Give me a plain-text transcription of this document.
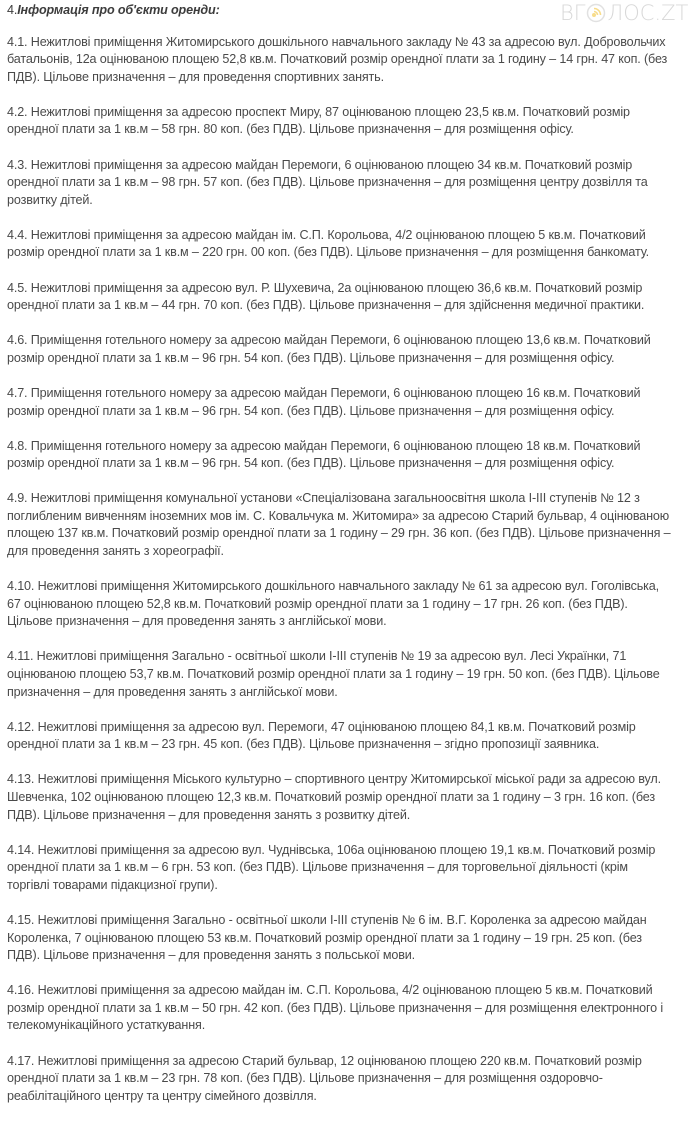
4.Інформація про об'єкти оренди:

4.1. Нежитлові приміщення Житомирського дошкільного навчального закладу № 43 за адресою вул. Добровольчих батальонів, 12а оцінюваною площею 52,8 кв.м. Початковий розмір орендної плати за 1 годину – 14 грн. 47 коп. (без ПДВ). Цільове призначення – для проведення спортивних занять.

4.2. Нежитлові приміщення за адресою проспект Миру, 87 оцінюваною площею 23,5 кв.м. Початковий розмір орендної плати за 1 кв.м – 58 грн. 80 коп. (без ПДВ). Цільове призначення – для розміщення офісу.

4.3. Нежитлові приміщення за адресою майдан Перемоги, 6 оцінюваною площею 34 кв.м. Початковий розмір орендної плати за 1 кв.м – 98 грн. 57 коп. (без ПДВ). Цільове призначення – для розміщення центру дозвілля та розвитку дітей.

4.4. Нежитлові приміщення за адресою майдан ім. С.П. Корольова, 4/2 оцінюваною площею 5 кв.м. Початковий розмір орендної плати за 1 кв.м – 220 грн. 00 коп. (без ПДВ). Цільове призначення – для розміщення банкомату.

4.5. Нежитлові приміщення за адресою вул. Р. Шухевича, 2а оцінюваною площею 36,6 кв.м. Початковий розмір орендної плати за 1 кв.м – 44 грн. 70 коп. (без ПДВ). Цільове призначення – для здійснення медичної практики.

4.6. Приміщення готельного номеру за адресою майдан Перемоги, 6 оцінюваною площею 13,6 кв.м. Початковий розмір орендної плати за 1 кв.м – 96 грн. 54 коп. (без ПДВ). Цільове призначення – для розміщення офісу.

4.7. Приміщення готельного номеру за адресою майдан Перемоги, 6 оцінюваною площею 16 кв.м. Початковий розмір орендної плати за 1 кв.м – 96 грн. 54 коп. (без ПДВ). Цільове призначення – для розміщення офісу.

4.8. Приміщення готельного номеру за адресою майдан Перемоги, 6 оцінюваною площею 18 кв.м. Початковий розмір орендної плати за 1 кв.м – 96 грн. 54 коп. (без ПДВ). Цільове призначення – для розміщення офісу.

4.9. Нежитлові приміщення комунальної установи «Спеціалізована загальноосвітня школа І-ІІІ ступенів № 12 з поглибленим вивченням іноземних мов ім. С. Ковальчука м. Житомира» за адресою Старий бульвар, 4 оцінюваною площею 137 кв.м. Початковий розмір орендної плати за 1 годину – 29 грн. 36 коп. (без ПДВ). Цільове призначення – для проведення занять з хореографії.

4.10. Нежитлові приміщення Житомирського дошкільного навчального закладу № 61 за адресою вул. Гоголівська, 67 оцінюваною площею 52,8 кв.м. Початковий розмір орендної плати за 1 годину – 17 грн. 26 коп. (без ПДВ). Цільове призначення – для проведення занять з англійської мови.

4.11. Нежитлові приміщення Загально - освітньої школи І-ІІІ ступенів № 19 за адресою вул. Лесі Українки, 71 оцінюваною площею 53,7 кв.м. Початковий розмір орендної плати за 1 годину – 19 грн. 50 коп. (без ПДВ). Цільове призначення – для проведення занять з англійської мови.

4.12. Нежитлові приміщення за адресою вул. Перемоги, 47 оцінюваною площею 84,1 кв.м. Початковий розмір орендної плати за 1 кв.м – 23 грн. 45 коп. (без ПДВ). Цільове призначення – згідно пропозиції заявника.

4.13. Нежитлові приміщення Міського культурно – спортивного центру Житомирської міської ради за адресою вул. Шевченка, 102 оцінюваною площею 12,3 кв.м. Початковий розмір орендної плати за 1 годину – 3 грн. 16 коп. (без ПДВ). Цільове призначення – для проведення занять з розвитку дітей.

4.14. Нежитлові приміщення за адресою вул. Чуднівська, 106а оцінюваною площею 19,1 кв.м. Початковий розмір орендної плати за 1 кв.м – 6 грн. 53 коп. (без ПДВ). Цільове призначення – для торговельної діяльності (крім торгівлі товарами підакцизної групи).

4.15. Нежитлові приміщення Загально - освітньої школи І-ІІІ ступенів № 6 ім. В.Г. Короленка за адресою майдан Короленка, 7 оцінюваною площею 53 кв.м. Початковий розмір орендної плати за 1 годину – 19 грн. 25 коп. (без ПДВ). Цільове призначення – для проведення занять з польської мови.

4.16. Нежитлові приміщення за адресою майдан ім. С.П. Корольова, 4/2 оцінюваною площею 5 кв.м. Початковий розмір орендної плати за 1 кв.м – 50 грн. 42 коп. (без ПДВ). Цільове призначення – для розміщення електронного і телекомунікаційного устаткування.

4.17. Нежитлові приміщення за адресою Старий бульвар, 12 оцінюваною площею 220 кв.м. Початковий розмір орендної плати за 1 кв.м – 23 грн. 78 коп. (без ПДВ). Цільове призначення – для розміщення оздоровчо-реабілітаційного центру та центру сімейного дозвілля.

ВГ ЛОС.ZT
